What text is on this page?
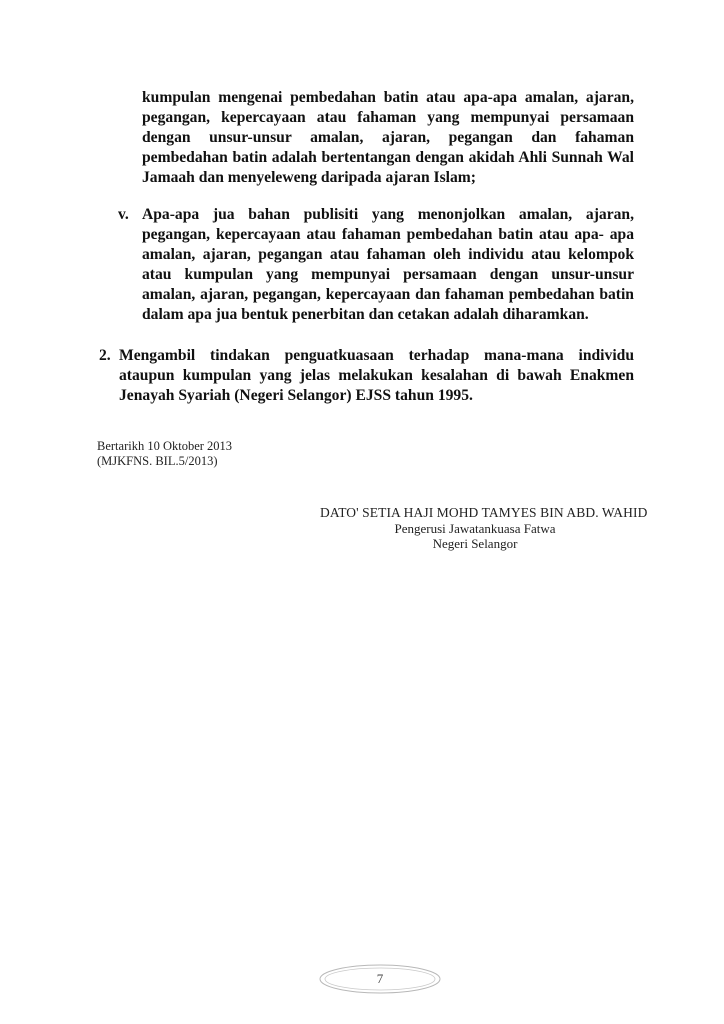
kumpulan mengenai pembedahan batin atau apa-apa amalan, ajaran, pegangan, kepercayaan atau fahaman yang mempunyai persamaan dengan unsur-unsur amalan, ajaran, pegangan dan fahaman pembedahan batin adalah bertentangan dengan akidah Ahli Sunnah Wal Jamaah dan menyeleweng daripada ajaran Islam;
v. Apa-apa jua bahan publisiti yang menonjolkan amalan, ajaran, pegangan, kepercayaan atau fahaman pembedahan batin atau apa- apa amalan, ajaran, pegangan atau fahaman oleh individu atau kelompok atau kumpulan yang mempunyai persamaan dengan unsur-unsur amalan, ajaran, pegangan, kepercayaan dan fahaman pembedahan batin dalam apa jua bentuk penerbitan dan cetakan adalah diharamkan.
2. Mengambil tindakan penguatkuasaan terhadap mana-mana individu ataupun kumpulan yang jelas melakukan kesalahan di bawah Enakmen Jenayah Syariah (Negeri Selangor) EJSS tahun 1995.
Bertarikh 10 Oktober 2013
(MJKFNS. BIL.5/2013)
DATO' SETIA HAJI MOHD TAMYES BIN ABD. WAHID
Pengerusi Jawatankuasa Fatwa
Negeri Selangor
7
